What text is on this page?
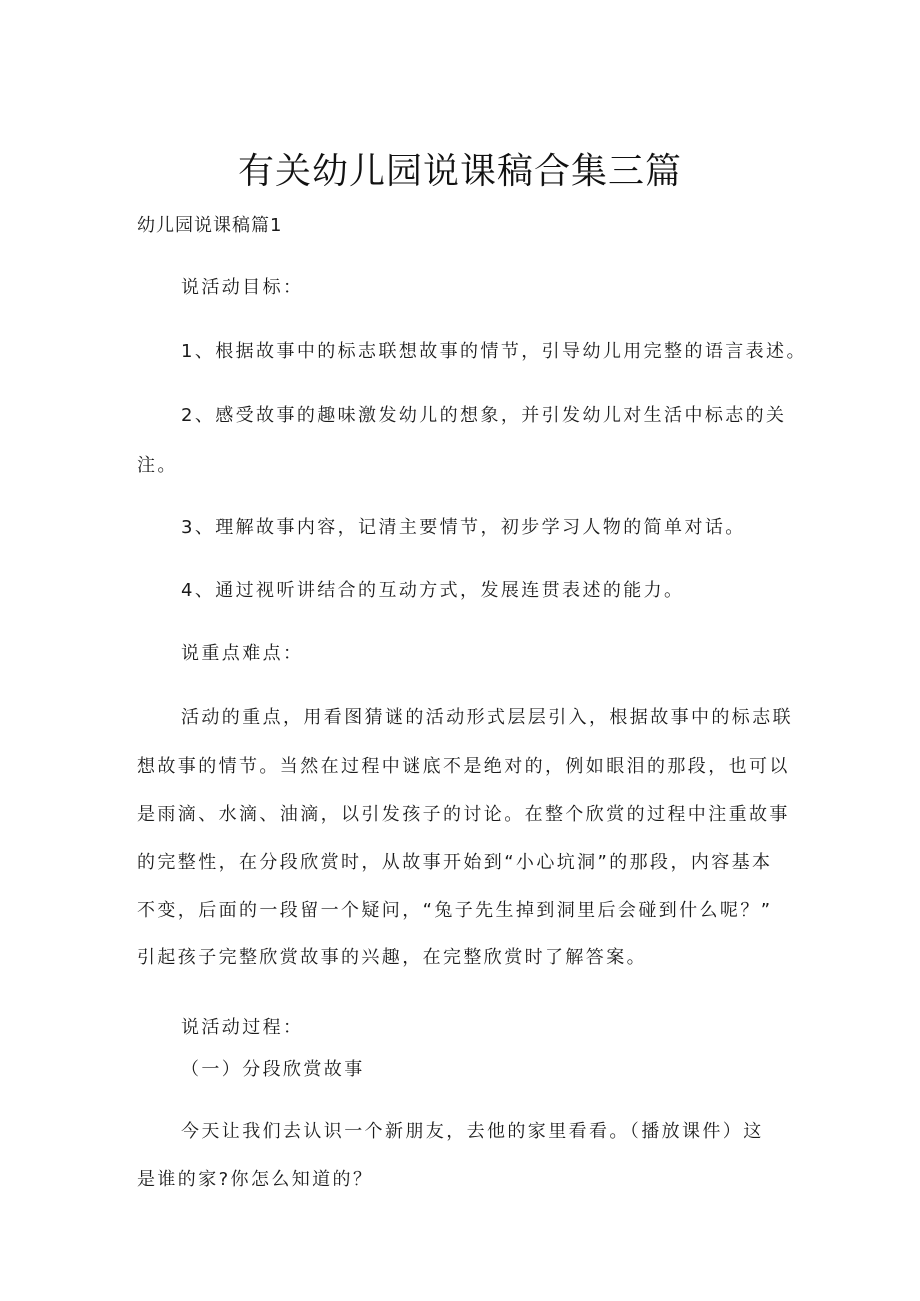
有关幼儿园说课稿合集三篇
幼儿园说课稿篇1
说活动目标：
1、根据故事中的标志联想故事的情节，引导幼儿用完整的语言表述。
2、感受故事的趣味激发幼儿的想象，并引发幼儿对生活中标志的关
注。
3、理解故事内容，记清主要情节，初步学习人物的简单对话。
4、通过视听讲结合的互动方式，发展连贯表述的能力。
说重点难点：
活动的重点，用看图猜谜的活动形式层层引入，根据故事中的标志联
想故事的情节。当然在过程中谜底不是绝对的，例如眼泪的那段，也可以
是雨滴、水滴、油滴，以引发孩子的讨论。在整个欣赏的过程中注重故事
的完整性，在分段欣赏时，从故事开始到“小心坑洞”的那段，内容基本
不变，后面的一段留一个疑问，“兔子先生掉到洞里后会碰到什么呢？”
引起孩子完整欣赏故事的兴趣，在完整欣赏时了解答案。
说活动过程：
（一）分段欣赏故事
今天让我们去认识一个新朋友，去他的家里看看。（播放课件）这
是谁的家?你怎么知道的？
